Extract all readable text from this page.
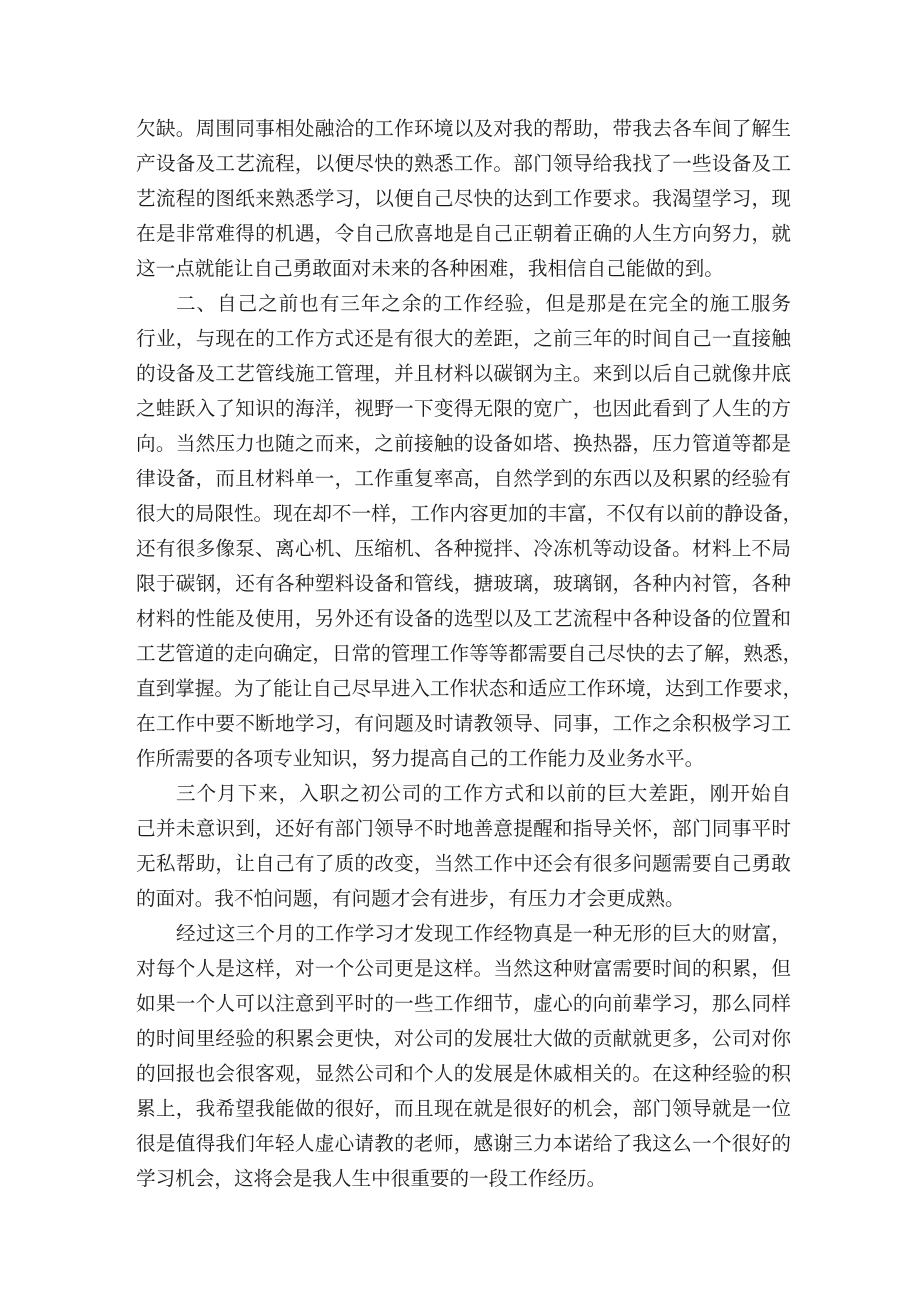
欠缺。周围同事相处融洽的工作环境以及对我的帮助，带我去各车间了解生
产设备及工艺流程，以便尽快的熟悉工作。部门领导给我找了一些设备及工
艺流程的图纸来熟悉学习，以便自己尽快的达到工作要求。我渴望学习，现
在是非常难得的机遇，令自己欣喜地是自己正朝着正确的人生方向努力，就
这一点就能让自己勇敢面对未来的各种困难，我相信自己能做的到。
二、自己之前也有三年之余的工作经验，但是那是在完全的施工服务
行业，与现在的工作方式还是有很大的差距，之前三年的时间自己一直接触
的设备及工艺管线施工管理，并且材料以碳钢为主。来到以后自己就像井底
之蛙跃入了知识的海洋，视野一下变得无限的宽广，也因此看到了人生的方
向。当然压力也随之而来，之前接触的设备如塔、换热器，压力管道等都是
律设备，而且材料单一，工作重复率高，自然学到的东西以及积累的经验有
很大的局限性。现在却不一样，工作内容更加的丰富，不仅有以前的静设备，
还有很多像泵、离心机、压缩机、各种搅拌、冷冻机等动设备。材料上不局
限于碳钢，还有各种塑料设备和管线，搪玻璃，玻璃钢，各种内衬管，各种
材料的性能及使用，另外还有设备的选型以及工艺流程中各种设备的位置和
工艺管道的走向确定，日常的管理工作等等都需要自己尽快的去了解，熟悉，
直到掌握。为了能让自己尽早进入工作状态和适应工作环境，达到工作要求，
在工作中要不断地学习，有问题及时请教领导、同事，工作之余积极学习工
作所需要的各项专业知识，努力提高自己的工作能力及业务水平。
三个月下来，入职之初公司的工作方式和以前的巨大差距，刚开始自
己并未意识到，还好有部门领导不时地善意提醒和指导关怀，部门同事平时
无私帮助，让自己有了质的改变，当然工作中还会有很多问题需要自己勇敢
的面对。我不怕问题，有问题才会有进步，有压力才会更成熟。
经过这三个月的工作学习才发现工作经物真是一种无形的巨大的财富，
对每个人是这样，对一个公司更是这样。当然这种财富需要时间的积累，但
如果一个人可以注意到平时的一些工作细节，虚心的向前辈学习，那么同样
的时间里经验的积累会更快，对公司的发展壮大做的贡献就更多，公司对你
的回报也会很客观，显然公司和个人的发展是休戚相关的。在这种经验的积
累上，我希望我能做的很好，而且现在就是很好的机会，部门领导就是一位
很是值得我们年轻人虚心请教的老师，感谢三力本诺给了我这么一个很好的
学习机会，这将会是我人生中很重要的一段工作经历。
